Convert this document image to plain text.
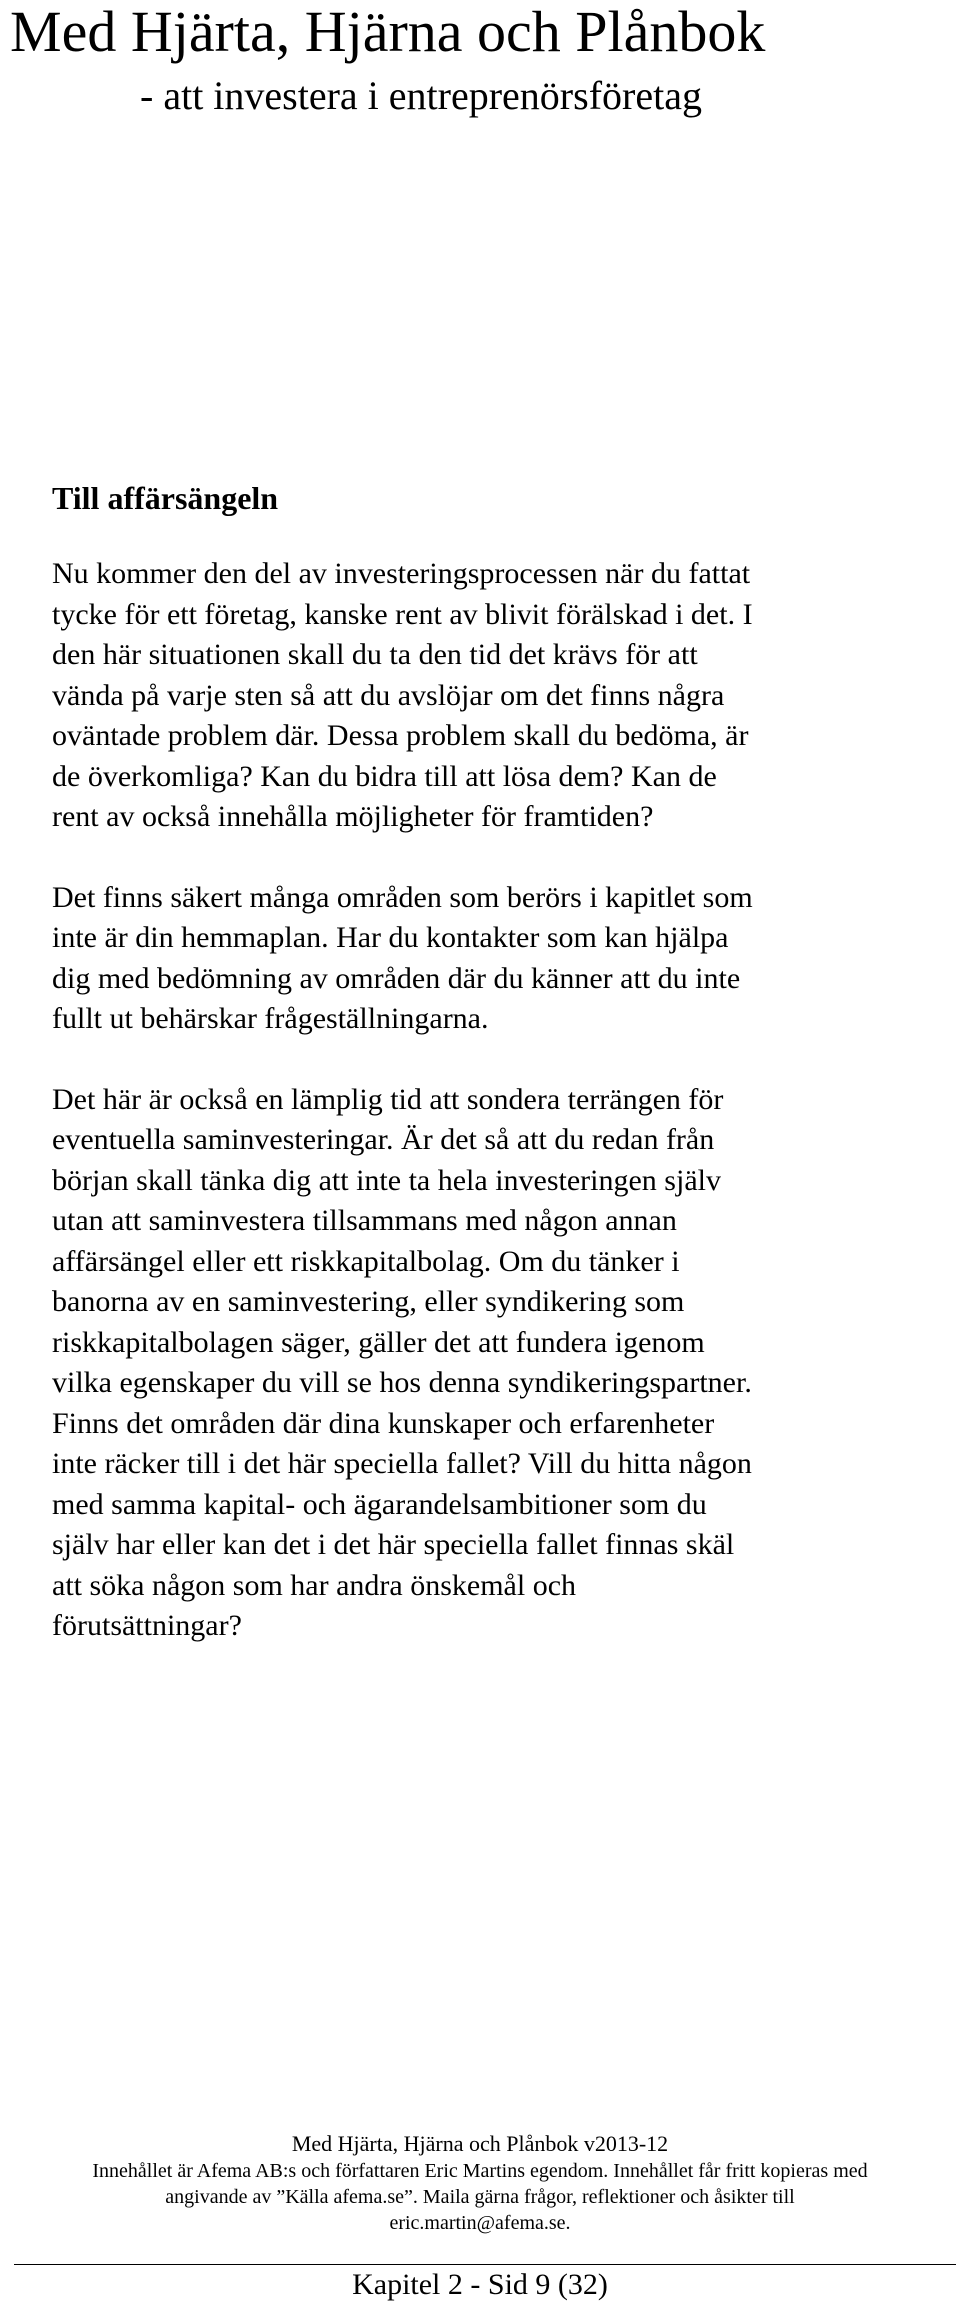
Med Hjärta, Hjärna och Plånbok
- att investera i entreprenörsföretag
Till affärsängeln
Nu kommer den del av investeringsprocessen när du fattat
tycke för ett företag, kanske rent av blivit förälskad i det. I
den här situationen skall du ta den tid det krävs för att
vända på varje sten så att du avslöjar om det finns några
oväntade problem där. Dessa problem skall du bedöma, är
de överkomliga? Kan du bidra till att lösa dem? Kan de
rent av också innehålla möjligheter för framtiden?
Det finns säkert många områden som berörs i kapitlet som
inte är din hemmaplan. Har du kontakter som kan hjälpa
dig med bedömning av områden där du känner att du inte
fullt ut behärskar frågeställningarna.
Det här är också en lämplig tid att sondera terrängen för
eventuella saminvesteringar. Är det så att du redan från
början skall tänka dig att inte ta hela investeringen själv
utan att saminvestera tillsammans med någon annan
affärsängel eller ett riskkapitalbolag. Om du tänker i
banorna av en saminvestering, eller syndikering som
riskkapitalbolagen säger, gäller det att fundera igenom
vilka egenskaper du vill se hos denna syndikeringspartner.
Finns det områden där dina kunskaper och erfarenheter
inte räcker till i det här speciella fallet? Vill du hitta någon
med samma kapital- och ägarandelsambitioner som du
själv har eller kan det i det här speciella fallet finnas skäl
att söka någon som har andra önskemål och
förutsättningar?
Med Hjärta, Hjärna och Plånbok v2013-12
Innehållet är Afema AB:s och författaren Eric Martins egendom. Innehållet får fritt kopieras med
angivande av ”Källa afema.se”. Maila gärna frågor, reflektioner och åsikter till
eric.martin@afema.se.
Kapitel 2 - Sid 9 (32)
